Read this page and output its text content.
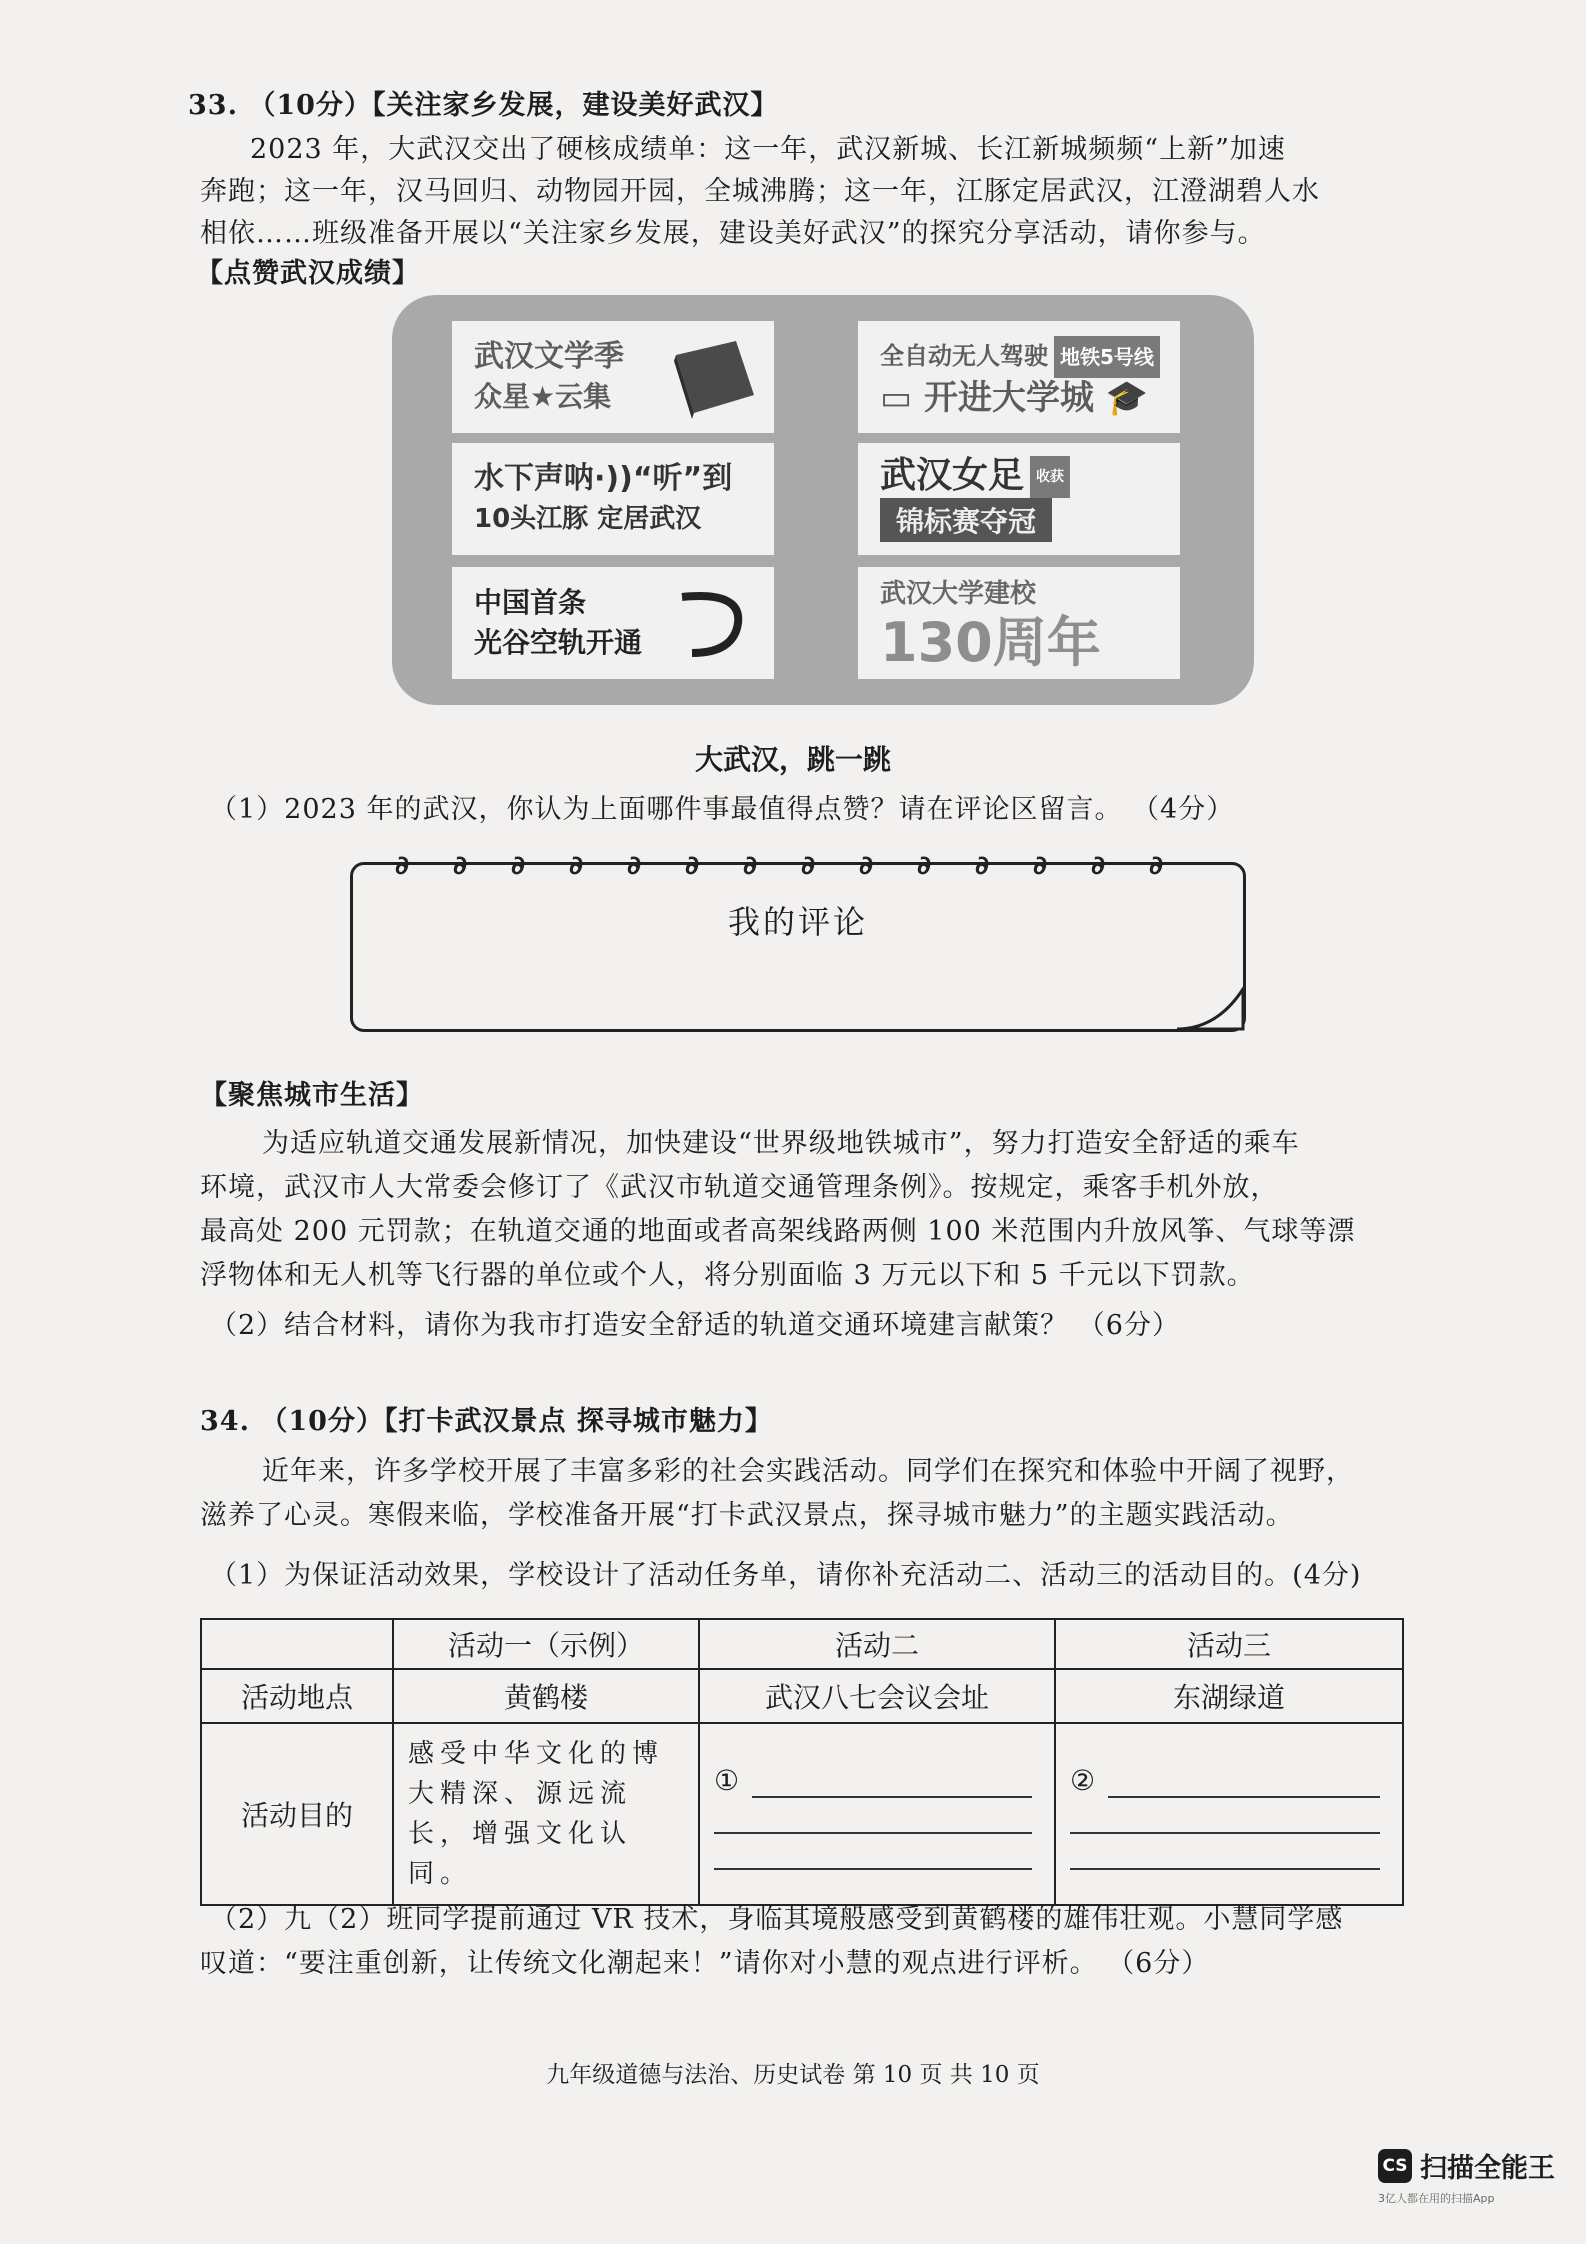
33. （10分）【关注家乡发展，建设美好武汉】
2023 年，大武汉交出了硬核成绩单：这一年，武汉新城、长江新城频频“上新”加速
奔跑；这一年，汉马回归、动物园开园，全城沸腾；这一年，江豚定居武汉，江澄湖碧人水
相依……班级准备开展以“关注家乡发展，建设美好武汉”的探究分享活动，请你参与。
【点赞武汉成绩】
武汉文学季
众星★云集
全自动无人驾驶 地铁5号线
▭ 开进大学城 🎓
水下声呐·))“听”到
10头江豚 定居武汉
武汉女足 收获
锦标赛夺冠
中国首条
光谷空轨开通
武汉大学建校
130周年
大武汉，跳一跳
（1）2023 年的武汉，你认为上面哪件事最值得点赞？请在评论区留言。 （4分）
∂ ∂ ∂ ∂ ∂ ∂ ∂ ∂ ∂ ∂ ∂ ∂ ∂ ∂
我的评论
【聚焦城市生活】
为适应轨道交通发展新情况，加快建设“世界级地铁城市”，努力打造安全舒适的乘车
环境，武汉市人大常委会修订了《武汉市轨道交通管理条例》。按规定，乘客手机外放，
最高处 200 元罚款；在轨道交通的地面或者高架线路两侧 100 米范围内升放风筝、气球等漂
浮物体和无人机等飞行器的单位或个人，将分别面临 3 万元以下和 5 千元以下罚款。
（2）结合材料，请你为我市打造安全舒适的轨道交通环境建言献策？ （6分）
34. （10分）【打卡武汉景点 探寻城市魅力】
近年来，许多学校开展了丰富多彩的社会实践活动。同学们在探究和体验中开阔了视野，
滋养了心灵。寒假来临，学校准备开展“打卡武汉景点，探寻城市魅力”的主题实践活动。
（1）为保证活动效果，学校设计了活动任务单，请你补充活动二、活动三的活动目的。(4分)
	活动一（示例）	活动二	活动三
活动地点	黄鹤楼	武汉八七会议会址	东湖绿道
活动目的	感受中华文化的博大精深、源远流长，增强文化认同。	①	②
（2）九（2）班同学提前通过 VR 技术，身临其境般感受到黄鹤楼的雄伟壮观。小慧同学感
叹道：“要注重创新，让传统文化潮起来！”请你对小慧的观点进行评析。 （6分）
九年级道德与法治、历史试卷 第 10 页 共 10 页
CS 扫描全能王
3亿人都在用的扫描App
